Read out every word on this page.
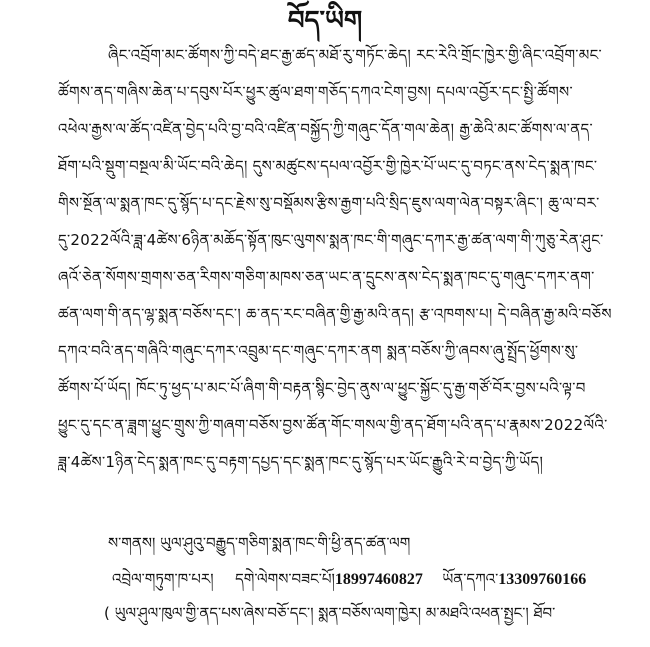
བོད་ཡིག
ཞིང་འབྲོག་མང་ཚོགས་ཀྱི་བདེ་ཐང་རྒྱ་ཚད་མཐོ་རུ་གཏོང་ཆེད། རང་རེའི་གྲོང་ཁྱེར་གྱི་ཞིང་འབྲོག་མང་
ཚོགས་ནད་གཞིས་ཆེན་པ་དབུས་པོར་ཕྱུར་ཚུལ་ཐག་གཅོད་དཀའ་ངེག་བྱས། དཔལ་འབྱོར་དང་སྤྱི་ཚོགས་
འཕེལ་རྒྱས་ལ་ཚོད་འཛིན་བྱེད་པའི་བྱ་བའི་འཛིན་བསྐྱོད་ཀྱི་གཞུང་དོན་གལ་ཆེན། རྒྱ་ཆེའི་མང་ཚོགས་ལ་ནད་
ཐོག་པའི་སྡུག་བསྔལ་མི་ཡོང་བའི་ཆེད། དུས་མཚུངས་དཔལ་འབྱོར་གྱི་ཁྱེར་པོ་ཡང་དུ་བཏང་ནས་ངེད་སྨན་ཁང་
གིས་སྔོན་ལ་སྨན་ཁང་དུ་སྙོད་པ་དང་རྗེས་སུ་བསྡོམས་རྩིས་རྒྱག་པའི་སྲིད་ཇུས་ལག་ལེན་བསྟར་ཞིང་། ཆུ་ལ་བར་
དུ་2022ལོའི་ཟླ་4ཚེས་6ཉིན་མཆོད་སྟོན་ཁུང་ལུགས་སྨན་ཁང་གི་གཞུང་དཀར་རྒྱ་ཚན་ལག་གི་ཀུཅུ་རེན་ཤུང་
ཞའོ་ཅེན་སོགས་གྲགས་ཅན་རིགས་གཅིག་མཁས་ཅན་ཡང་ན་དྲུངས་ནས་ངེད་སྨན་ཁང་དུ་གཞུང་དཀར་ནག་
ཚན་ལག་གི་ནད་ལྷ་སྨན་བཅོས་དང་། ཆ་ནད་རང་བཞིན་གྱི་རྒྱ་མའི་ནད། རྩ་འཁགས་པ། དེ་བཞིན་རྒྱ་མའི་བཅོས
དཀའ་བའི་ནད་གཞིའི་གཞུང་དཀར་འབྲུམ་དང་གཞུང་དཀར་ནག སྨན་བཅོས་ཀྱི་ཞབས་ཞུ་སྤྲོད་ཕྱོགས་སུ་
ཚོགས་པོ་ཡོད། ཁོང་ཏུ་ཕྱད་པ་མང་པོ་ཞིག་གི་བརྟན་སྙིང་བྱེད་ནུས་ལ་ཕྱུང་སྐྱོང་དུ་རྒྱ་གཙོ་བོར་བྱས་པའི་ལྟ་བ
ཕྱུང་དུ་དང་ན་ཟླག་ཕྱུང་གྲུས་ཀྱི་གཞག་བཅོས་བྱས་ཚོན་གོང་གསལ་གྱི་ནད་ཐོག་པའི་ནད་པ་རྣམས་2022ལོའི་
ཟླ་4ཚེས་1ཉིན་ངེད་སྨན་ཁང་དུ་བརྟག་དཔྱད་དང་སྨན་ཁང་དུ་སྙོད་པར་ཡོང་རྒྱུའི་རེ་བ་བྱེད་ཀྱི་ཡོད།
ས་གནས། ཡུལ་ཤུའུ་བརྒྱུད་གཅིག་སྨན་ཁང་གི་ཕྱི་ནད་ཚན་ལག
འབྲེལ་གཏུག་ཁ་པར། དགེ་ལེགས་བཟང་པོ།18997460827 ཡོན་དཀའ་13309760166
( ཡུལ་ཤུལ་ཁུལ་གྱི་ནད་པས་ཞེས་བཅོ་དང་། སྨན་བཅོས་ལག་ཁྱེར། མ་མཐའི་འཕན་སྤྱང་། ཐོབ་
